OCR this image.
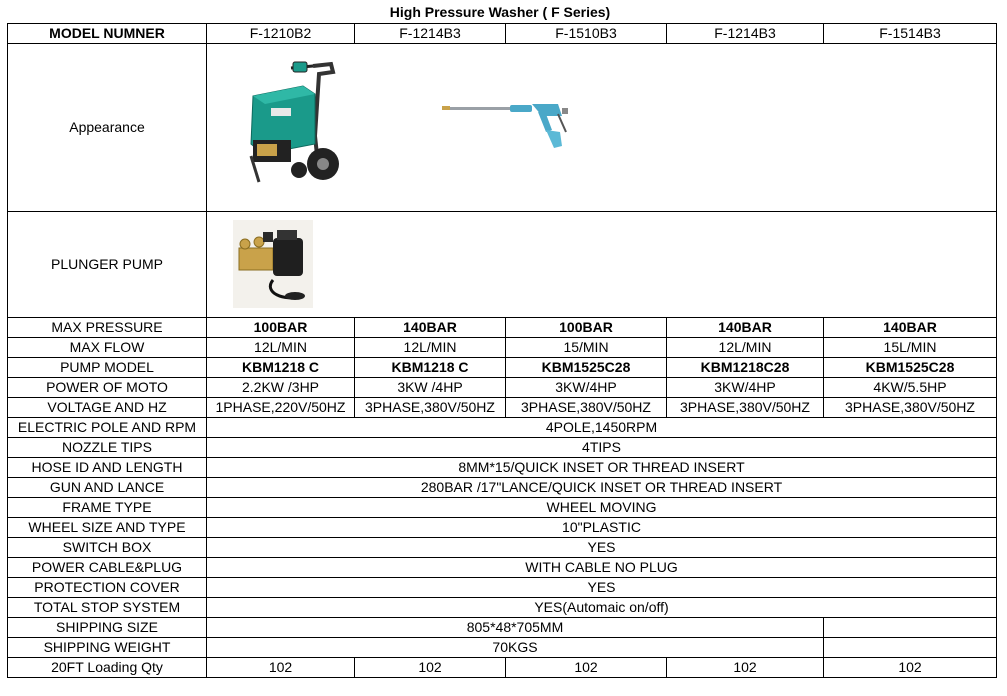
High Pressure Washer ( F Series)
MODEL NUMNER	F-1210B2	F-1214B3	F-1510B3	F-1214B3	F-1514B3
Appearance	

PLUNGER PUMP	

MAX PRESSURE	100BAR	140BAR	100BAR	140BAR	140BAR
MAX FLOW	12L/MIN	12L/MIN	15/MIN	12L/MIN	15L/MIN
PUMP MODEL	KBM1218 C	KBM1218 C	KBM1525C28	KBM1218C28	KBM1525C28
POWER OF MOTO	2.2KW /3HP	3KW /4HP	3KW/4HP	3KW/4HP	4KW/5.5HP
VOLTAGE AND HZ	1PHASE,220V/50HZ	3PHASE,380V/50HZ	3PHASE,380V/50HZ	3PHASE,380V/50HZ	3PHASE,380V/50HZ
ELECTRIC POLE AND RPM	4POLE,1450RPM				
NOZZLE TIPS	4TIPS				
HOSE ID AND LENGTH	8MM*15/QUICK INSET OR THREAD INSERT				
GUN AND LANCE	280BAR /17"LANCE/QUICK INSET OR THREAD INSERT				
FRAME TYPE	WHEEL MOVING				
WHEEL SIZE AND TYPE	10"PLASTIC				
SWITCH BOX	YES				
POWER CABLE&PLUG	WITH CABLE NO PLUG				
PROTECTION COVER	YES				
TOTAL STOP SYSTEM	YES(Automaic on/off)				
SHIPPING SIZE	805*48*705MM				
SHIPPING WEIGHT	70KGS				
20FT Loading Qty	102	102	102	102	102
